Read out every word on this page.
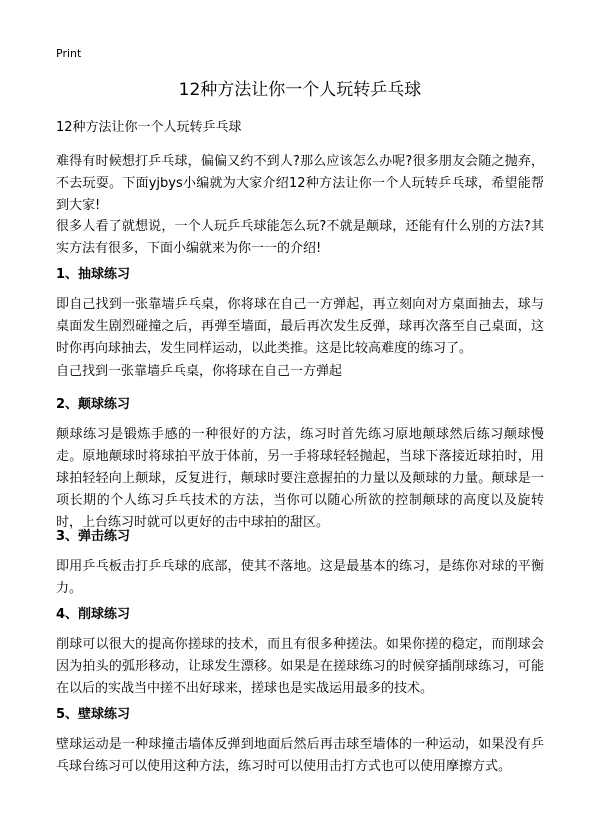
Print
12种方法让你一个人玩转乒乓球
12种方法让你一个人玩转乒乓球

难得有时候想打乒乓球，偏偏又约不到人?那么应该怎么办呢?很多朋友会随之抛弃，不去玩耍。下面yjbys小编就为大家介绍12种方法让你一个人玩转乒乓球，希望能帮到大家!

很多人看了就想说，一个人玩乒乓球能怎么玩?不就是颠球，还能有什么别的方法?其实方法有很多，下面小编就来为你一一的介绍!

1、抽球练习

即自己找到一张靠墙乒乓桌，你将球在自己一方弹起，再立刻向对方桌面抽去，球与桌面发生剧烈碰撞之后，再弹至墙面，最后再次发生反弹，球再次落至自己桌面，这时你再向球抽去，发生同样运动，以此类推。这是比较高难度的练习了。

自己找到一张靠墙乒乓桌，你将球在自己一方弹起

2、颠球练习

颠球练习是锻炼手感的一种很好的方法，练习时首先练习原地颠球然后练习颠球慢走。原地颠球时将球拍平放于体前，另一手将球轻轻抛起，当球下落接近球拍时，用球拍轻轻向上颠球，反复进行，颠球时要注意握拍的力量以及颠球的力量。颠球是一项长期的个人练习乒乓技术的方法，当你可以随心所欲的控制颠球的高度以及旋转时，上台练习时就可以更好的击中球拍的甜区。

3、弹击练习

即用乒乓板击打乒乓球的底部，使其不落地。这是最基本的练习，是练你对球的平衡力。

4、削球练习

削球可以很大的提高你搓球的技术，而且有很多种搓法。如果你搓的稳定，而削球会因为拍头的弧形移动，让球发生漂移。如果是在搓球练习的时候穿插削球练习，可能在以后的实战当中搓不出好球来，搓球也是实战运用最多的技术。

5、壁球练习

壁球运动是一种球撞击墙体反弹到地面后然后再击球至墙体的一种运动，如果没有乒乓球台练习可以使用这种方法，练习时可以使用击打方式也可以使用摩擦方式。
